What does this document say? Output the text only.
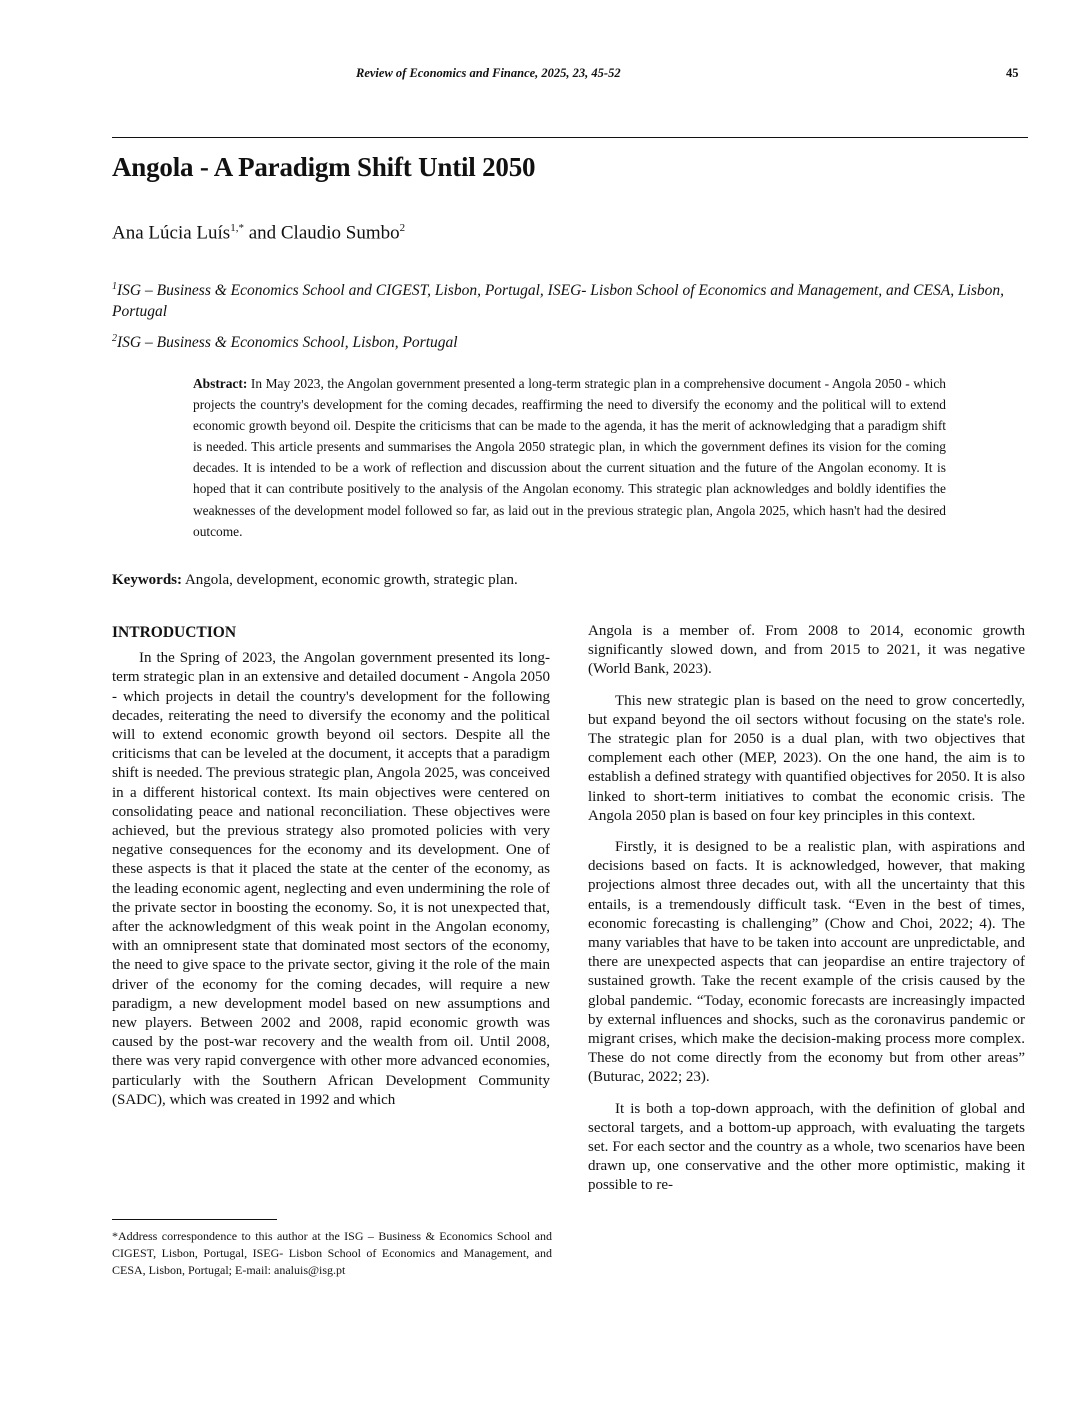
Review of Economics and Finance, 2025, 23, 45-52	45
Angola - A Paradigm Shift Until 2050
Ana Lúcia Luís$^{1,*}$ and Claudio Sumbo$^2$
$^1$ISG – Business & Economics School and CIGEST, Lisbon, Portugal, ISEG- Lisbon School of Economics and Management, and CESA, Lisbon, Portugal
$^2$ISG – Business & Economics School, Lisbon, Portugal
Abstract: In May 2023, the Angolan government presented a long-term strategic plan in a comprehensive document - Angola 2050 - which projects the country's development for the coming decades, reaffirming the need to diversify the economy and the political will to extend economic growth beyond oil. Despite the criticisms that can be made to the agenda, it has the merit of acknowledging that a paradigm shift is needed. This article presents and summarises the Angola 2050 strategic plan, in which the government defines its vision for the coming decades. It is intended to be a work of reflection and discussion about the current situation and the future of the Angolan economy. It is hoped that it can contribute positively to the analysis of the Angolan economy. This strategic plan acknowledges and boldly identifies the weaknesses of the development model followed so far, as laid out in the previous strategic plan, Angola 2025, which hasn't had the desired outcome.
Keywords: Angola, development, economic growth, strategic plan.
INTRODUCTION

In the Spring of 2023, the Angolan government presented its long-term strategic plan in an extensive and detailed document - Angola 2050 - which projects in detail the country's development for the following decades, reiterating the need to diversify the economy and the political will to extend economic growth beyond oil sectors. Despite all the criticisms that can be leveled at the document, it accepts that a paradigm shift is needed. The previous strategic plan, Angola 2025, was conceived in a different historical context. Its main objectives were centered on consolidating peace and national reconciliation. These objectives were achieved, but the previous strategy also promoted policies with very negative consequences for the economy and its development. One of these aspects is that it placed the state at the center of the economy, as the leading economic agent, neglecting and even undermining the role of the private sector in boosting the economy. So, it is not unexpected that, after the acknowledgment of this weak point in the Angolan economy, with an omnipresent state that dominated most sectors of the economy, the need to give space to the private sector, giving it the role of the main driver of the economy for the coming decades, will require a new paradigm, a new development model based on new assumptions and new players. Between 2002 and 2008, rapid economic growth was caused by the post-war recovery and the wealth from oil. Until 2008, there was very rapid convergence with other more advanced economies, particularly with the Southern African Development Community (SADC), which was created in 1992 and which

Angola is a member of. From 2008 to 2014, economic growth significantly slowed down, and from 2015 to 2021, it was negative (World Bank, 2023).

This new strategic plan is based on the need to grow concertedly, but expand beyond the oil sectors without focusing on the state's role. The strategic plan for 2050 is a dual plan, with two objectives that complement each other (MEP, 2023). On the one hand, the aim is to establish a defined strategy with quantified objectives for 2050. It is also linked to short-term initiatives to combat the economic crisis. The Angola 2050 plan is based on four key principles in this context.

Firstly, it is designed to be a realistic plan, with aspirations and decisions based on facts. It is acknowledged, however, that making projections almost three decades out, with all the uncertainty that this entails, is a tremendously difficult task. “Even in the best of times, economic forecasting is challenging” (Chow and Choi, 2022; 4). The many variables that have to be taken into account are unpredictable, and there are unexpected aspects that can jeopardise an entire trajectory of sustained growth. Take the recent example of the crisis caused by the global pandemic. “Today, economic forecasts are increasingly impacted by external influences and shocks, such as the coronavirus pandemic or migrant crises, which make the decision-making process more complex. These do not come directly from the economy but from other areas” (Buturac, 2022; 23).

It is both a top-down approach, with the definition of global and sectoral targets, and a bottom-up approach, with evaluating the targets set. For each sector and the country as a whole, two scenarios have been drawn up, one conservative and the other more optimistic, making it possible to re-

*Address correspondence to this author at the ISG – Business & Economics School and CIGEST, Lisbon, Portugal, ISEG- Lisbon School of Economics and Management, and CESA, Lisbon, Portugal; E-mail: analuis@isg.pt
